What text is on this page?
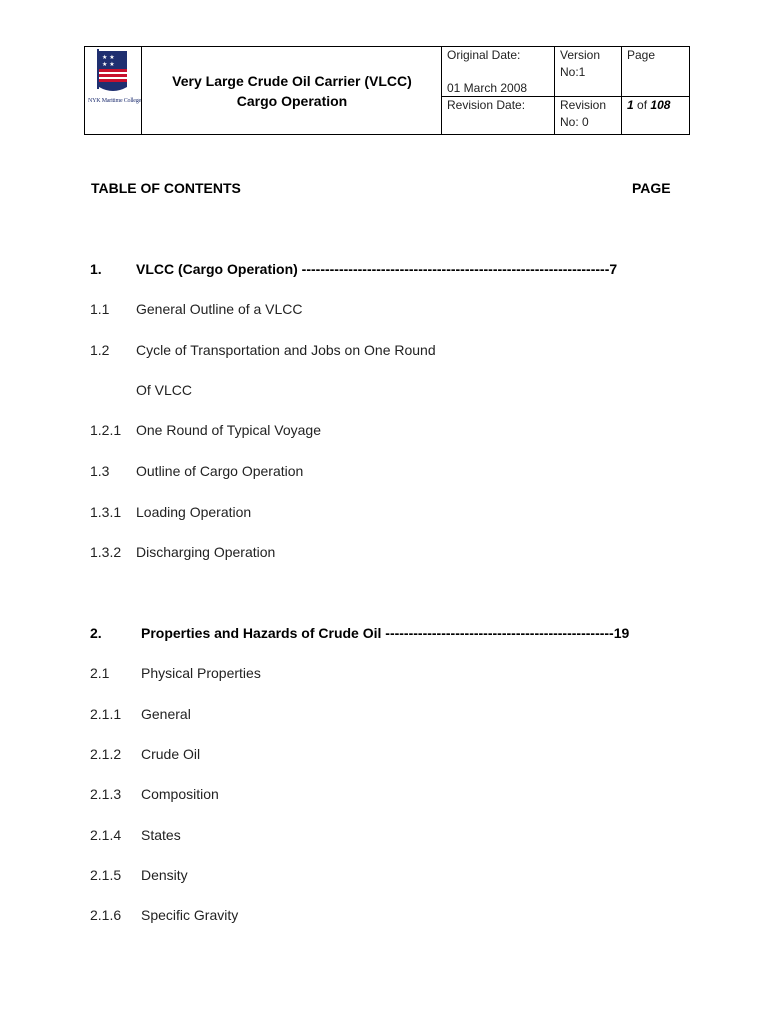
★ ★
★ ★
NYK Maritime College
Very Large Crude Oil Carrier (VLCC)
Cargo Operation
Original Date:
01 March 2008
Revision Date:
Version
No:1
Revision
No: 0
Page
1 of 108
TABLE OF CONTENTS	PAGE
1. VLCC (Cargo Operation) ------------------------------------------------------------------7
1.1 General Outline of a VLCC
1.2 Cycle of Transportation and Jobs on One Round
Of VLCC
1.2.1 One Round of Typical Voyage
1.3 Outline of Cargo Operation
1.3.1 Loading Operation
1.3.2 Discharging Operation
2.	Properties and Hazards of Crude Oil -------------------------------------------------19
2.1 Physical Properties
2.1.1 General
2.1.2 Crude Oil
2.1.3 Composition
2.1.4 States
2.1.5 Density
2.1.6 Specific Gravity
